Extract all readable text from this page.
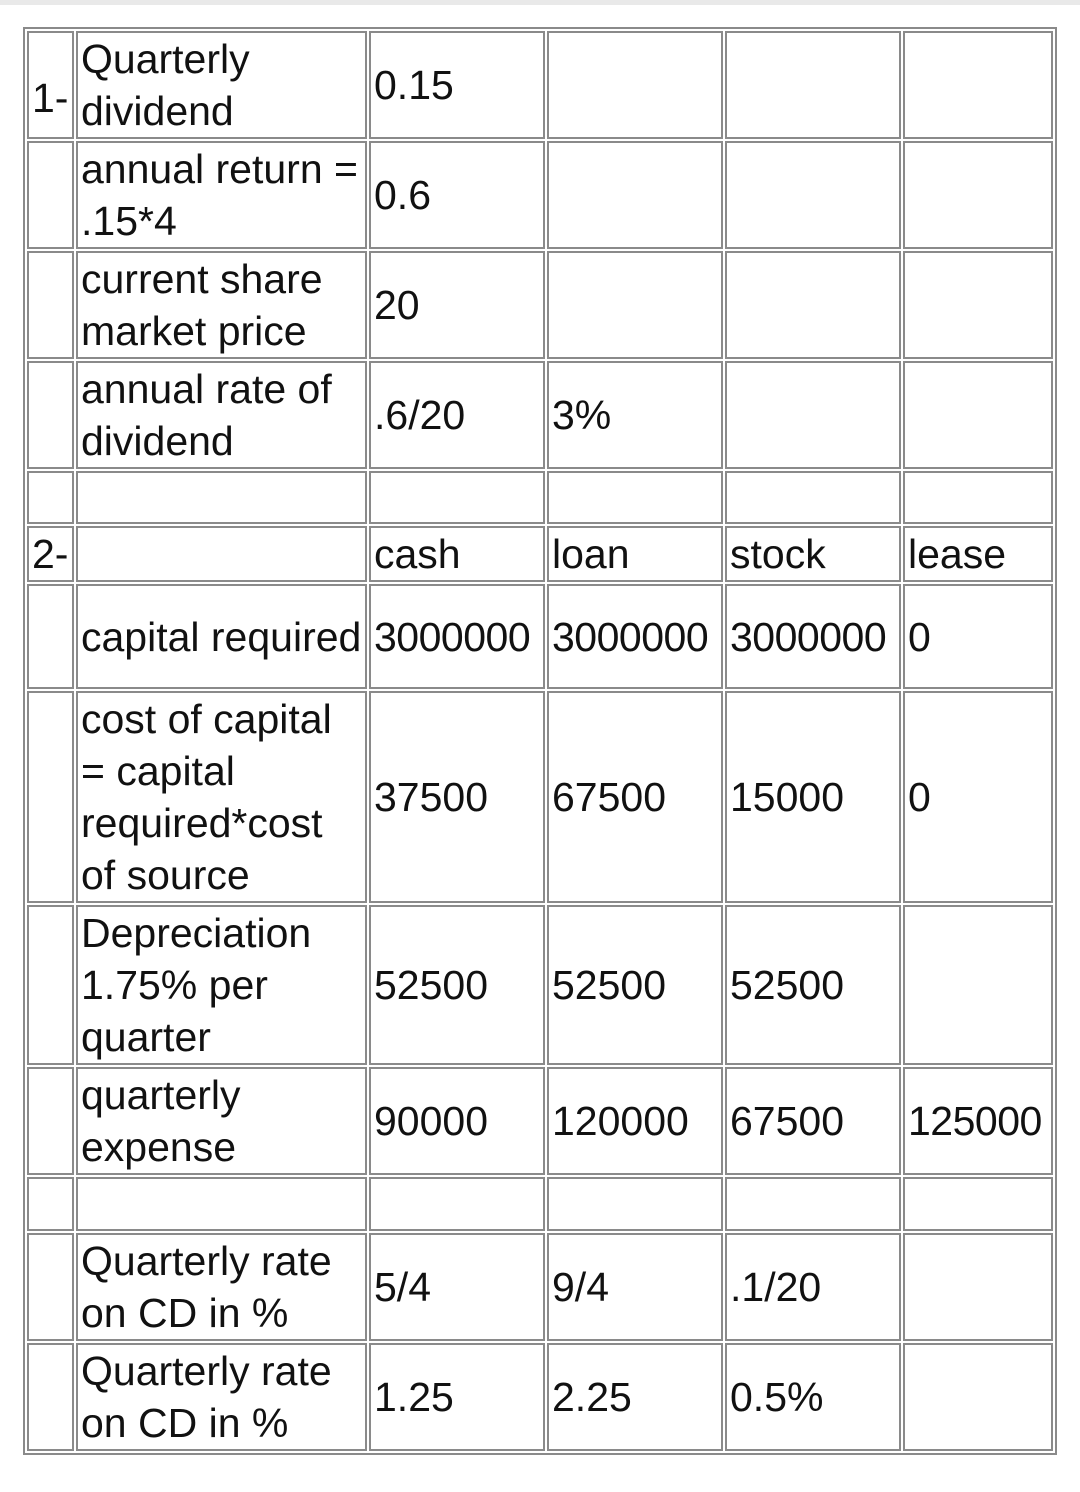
1-	Quarterly dividend	0.15			
	annual return = .15*4	0.6			
	current share market price	20			
	annual rate of dividend	.6/20	3%		

2-		cash	loan	stock	lease
	capital required	3000000	3000000	3000000	0
	cost of capital = capital required*cost of source	37500	67500	15000	0
	Depreciation 1.75% per quarter	52500	52500	52500	
	quarterly expense	90000	120000	67500	125000

	Quarterly rate on CD in %	5/4	9/4	.1/20	
	Quarterly rate on CD in %	1.25	2.25	0.5%	
